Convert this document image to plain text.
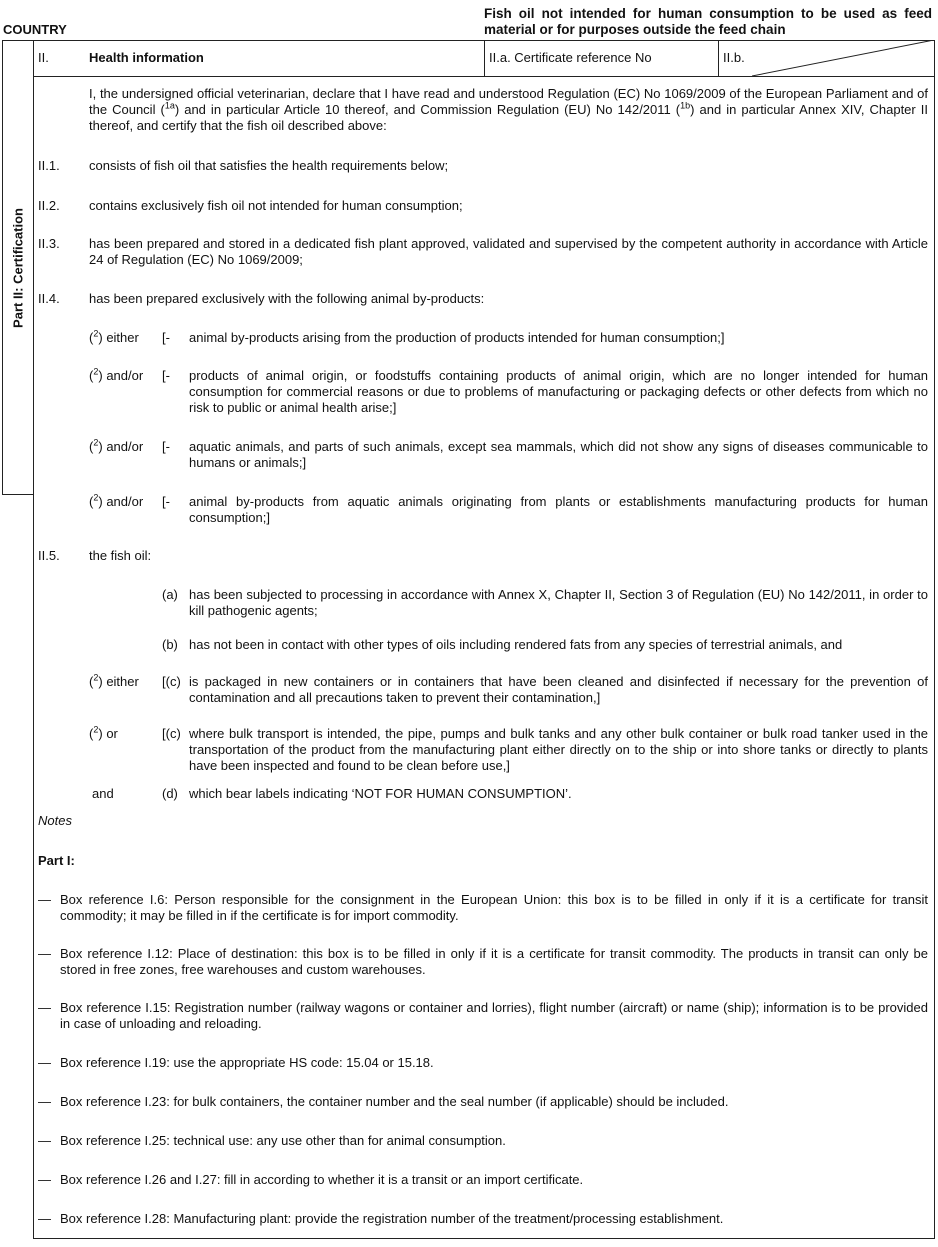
COUNTRY
Fish oil not intended for human consumption to be used as feed material or for purposes outside the feed chain
Part II: Certification
II.	Health information	II.a. Certificate reference No	II.b.
I, the undersigned official veterinarian, declare that I have read and understood Regulation (EC) No 1069/2009 of the European Parliament and of the Council ($^{1a}$) and in particular Article 10 thereof, and Commission Regulation (EU) No 142/2011 ($^{1b}$) and in particular Annex XIV, Chapter II thereof, and certify that the fish oil described above:
II.1. consists of fish oil that satisfies the health requirements below;
II.2. contains exclusively fish oil not intended for human consumption;
II.3. has been prepared and stored in a dedicated fish plant approved, validated and supervised by the competent authority in accordance with Article 24 of Regulation (EC) No 1069/2009;
II.4. has been prepared exclusively with the following animal by-products:
($^2$) either [- animal by-products arising from the production of products intended for human consumption;]
($^2$) and/or [- products of animal origin, or foodstuffs containing products of animal origin, which are no longer intended for human consumption for commercial reasons or due to problems of manufacturing or packaging defects or other defects from which no risk to public or animal health arise;]
($^2$) and/or [- aquatic animals, and parts of such animals, except sea mammals, which did not show any signs of diseases communicable to humans or animals;]
($^2$) and/or [- animal by-products from aquatic animals originating from plants or establishments manufacturing products for human consumption;]
II.5. the fish oil:
(a) has been subjected to processing in accordance with Annex X, Chapter II, Section 3 of Regulation (EU) No 142/2011, in order to kill pathogenic agents;
(b) has not been in contact with other types of oils including rendered fats from any species of terrestrial animals, and
($^2$) either [(c) is packaged in new containers or in containers that have been cleaned and disinfected if necessary for the prevention of contamination and all precautions taken to prevent their contamination,]
($^2$) or	[(c) where bulk transport is intended, the pipe, pumps and bulk tanks and any other bulk container or bulk road tanker used in the transportation of the product from the manufacturing plant either directly on to the ship or into shore tanks or directly to plants have been inspected and found to be clean before use,]
and	(d) which bear labels indicating ‘NOT FOR HUMAN CONSUMPTION’.
Notes
Part I:
— Box reference I.6: Person responsible for the consignment in the European Union: this box is to be filled in only if it is a certificate for transit commodity; it may be filled in if the certificate is for import commodity.
— Box reference I.12: Place of destination: this box is to be filled in only if it is a certificate for transit commodity. The products in transit can only be stored in free zones, free warehouses and custom warehouses.
— Box reference I.15: Registration number (railway wagons or container and lorries), flight number (aircraft) or name (ship); information is to be provided in case of unloading and reloading.
— Box reference I.19: use the appropriate HS code: 15.04 or 15.18.
— Box reference I.23: for bulk containers, the container number and the seal number (if applicable) should be included.
— Box reference I.25: technical use: any use other than for animal consumption.
— Box reference I.26 and I.27: fill in according to whether it is a transit or an import certificate.
— Box reference I.28: Manufacturing plant: provide the registration number of the treatment/processing establishment.
